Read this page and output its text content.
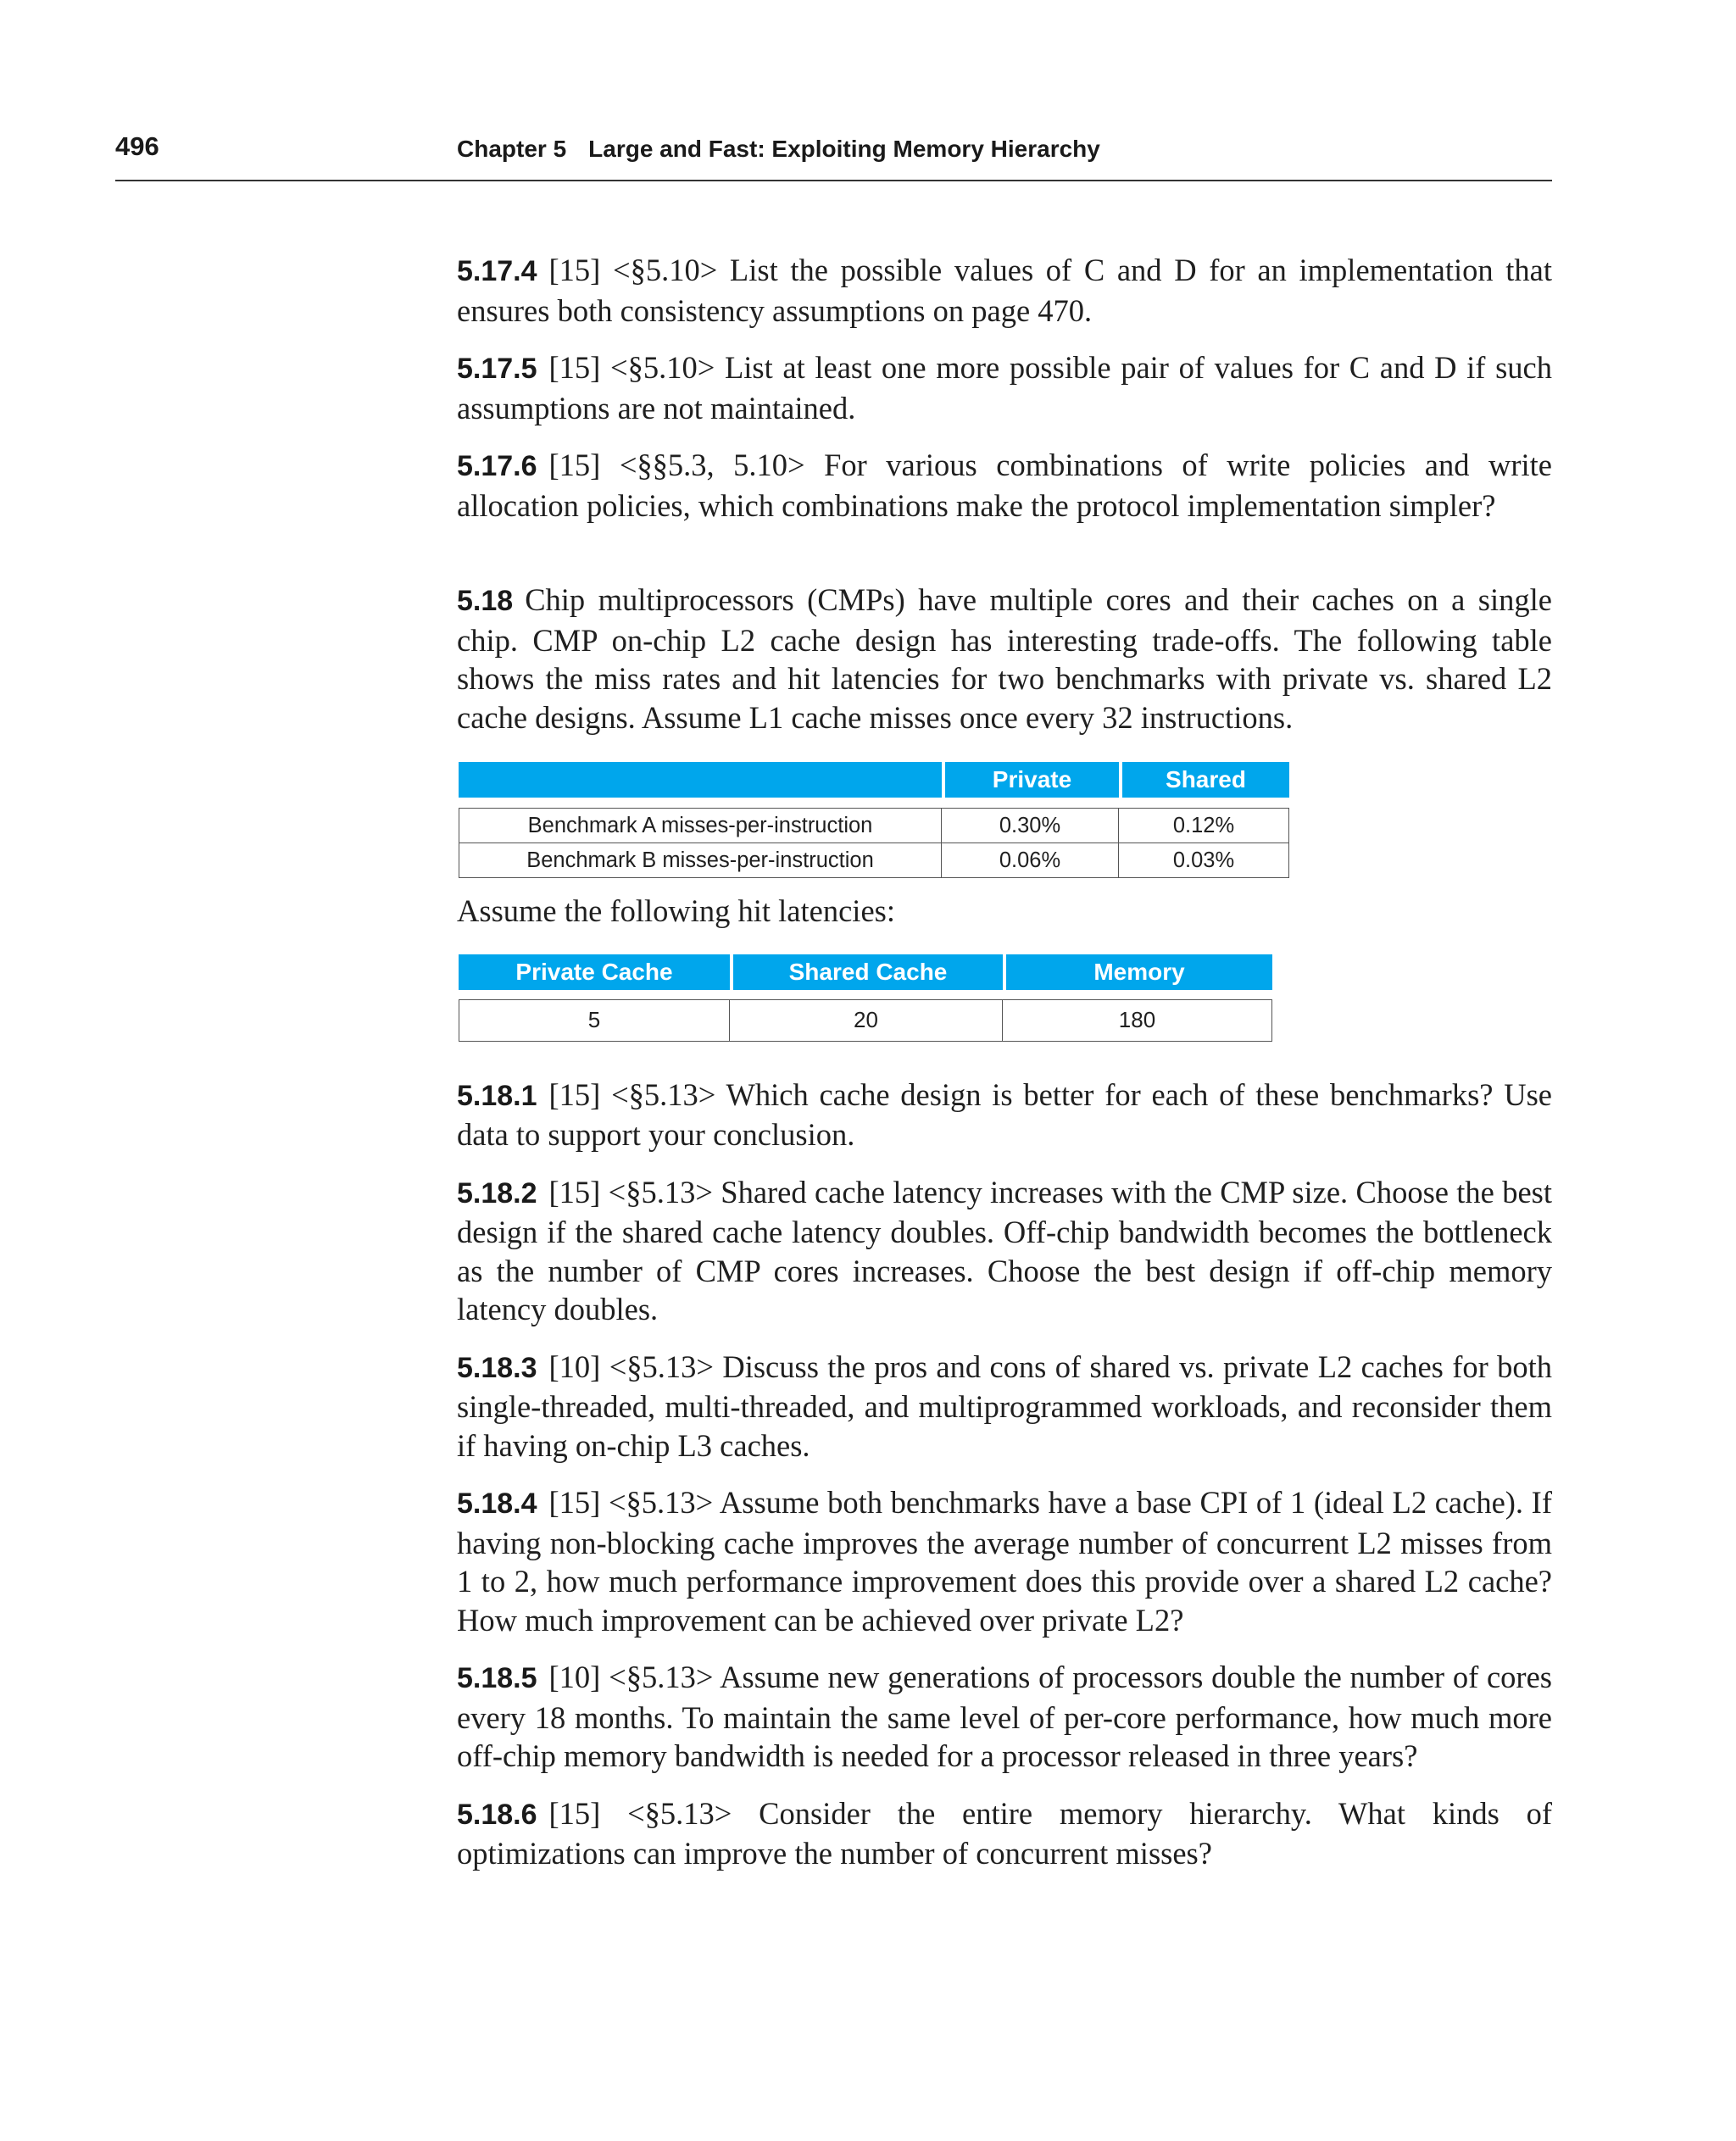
496	Chapter 5 Large and Fast: Exploiting Memory Hierarchy

5.17.4 [15] <§5.10> List the possible values of C and D for an implementation that ensures both consistency assumptions on page 470.

5.17.5 [15] <§5.10> List at least one more possible pair of values for C and D if such assumptions are not maintained.

5.17.6 [15] <§§5.3, 5.10> For various combinations of write policies and write allocation policies, which combinations make the protocol implementation simpler?

5.18 Chip multiprocessors (CMPs) have multiple cores and their caches on a single chip. CMP on-chip L2 cache design has interesting trade-offs. The following table shows the miss rates and hit latencies for two benchmarks with private vs. shared L2 cache designs. Assume L1 cache misses once every 32 instructions.

	Private	Shared

Benchmark A misses-per-instruction	0.30%	0.12%
Benchmark B misses-per-instruction	0.06%	0.03%

Assume the following hit latencies:

Private Cache	Shared Cache	Memory

5	20	180

5.18.1 [15] <§5.13> Which cache design is better for each of these benchmarks? Use data to support your conclusion.

5.18.2 [15] <§5.13> Shared cache latency increases with the CMP size. Choose the best design if the shared cache latency doubles. Off-chip bandwidth becomes the bottleneck as the number of CMP cores increases. Choose the best design if off-chip memory latency doubles.

5.18.3 [10] <§5.13> Discuss the pros and cons of shared vs. private L2 caches for both single-threaded, multi-threaded, and multiprogrammed workloads, and reconsider them if having on-chip L3 caches.

5.18.4 [15] <§5.13> Assume both benchmarks have a base CPI of 1 (ideal L2 cache). If having non-blocking cache improves the average number of concurrent L2 misses from 1 to 2, how much performance improvement does this provide over a shared L2 cache? How much improvement can be achieved over private L2?

5.18.5 [10] <§5.13> Assume new generations of processors double the number of cores every 18 months. To maintain the same level of per-core performance, how much more off-chip memory bandwidth is needed for a processor released in three years?

5.18.6 [15] <§5.13> Consider the entire memory hierarchy. What kinds of optimizations can improve the number of concurrent misses?
